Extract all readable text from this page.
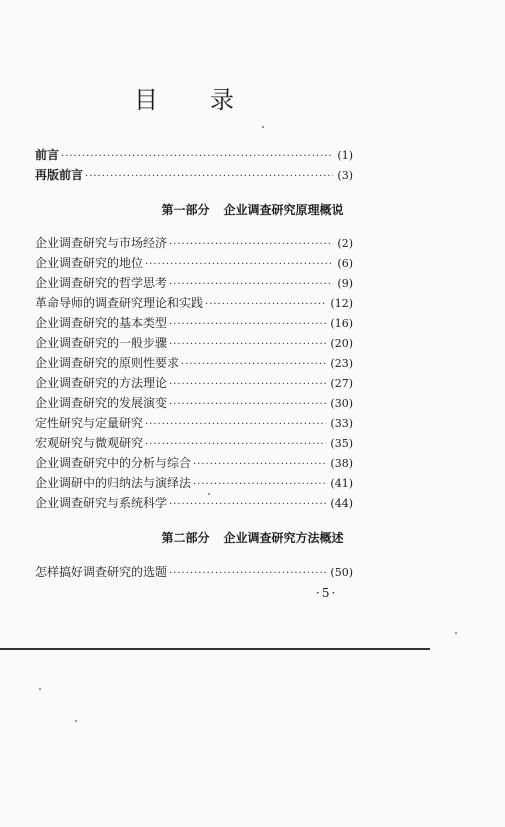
目 录
前言 ·····	(1)
再版前言 ·····	(3)
第一部分 企业调查研究原理概说
企业调查研究与市场经济 ·····	(2)
企业调查研究的地位 ·····	(6)
企业调查研究的哲学思考 ·····	(9)
革命导师的调查研究理论和实践 ·····	(12)
企业调查研究的基本类型 ·····	(16)
企业调查研究的一般步骤 ·····	(20)
企业调查研究的原则性要求 ·····	(23)
企业调查研究的方法理论 ·····	(27)
企业调查研究的发展演变 ·····	(30)
定性研究与定量研究 ·····	(33)
宏观研究与微观研究 ·····	(35)
企业调查研究中的分析与综合 ·····	(38)
企业调研中的归纳法与演绎法 ·····	(41)
企业调查研究与系统科学 ·····	(44)
第二部分 企业调查研究方法概述
怎样搞好调查研究的选题 ·····	(50)
·5·
